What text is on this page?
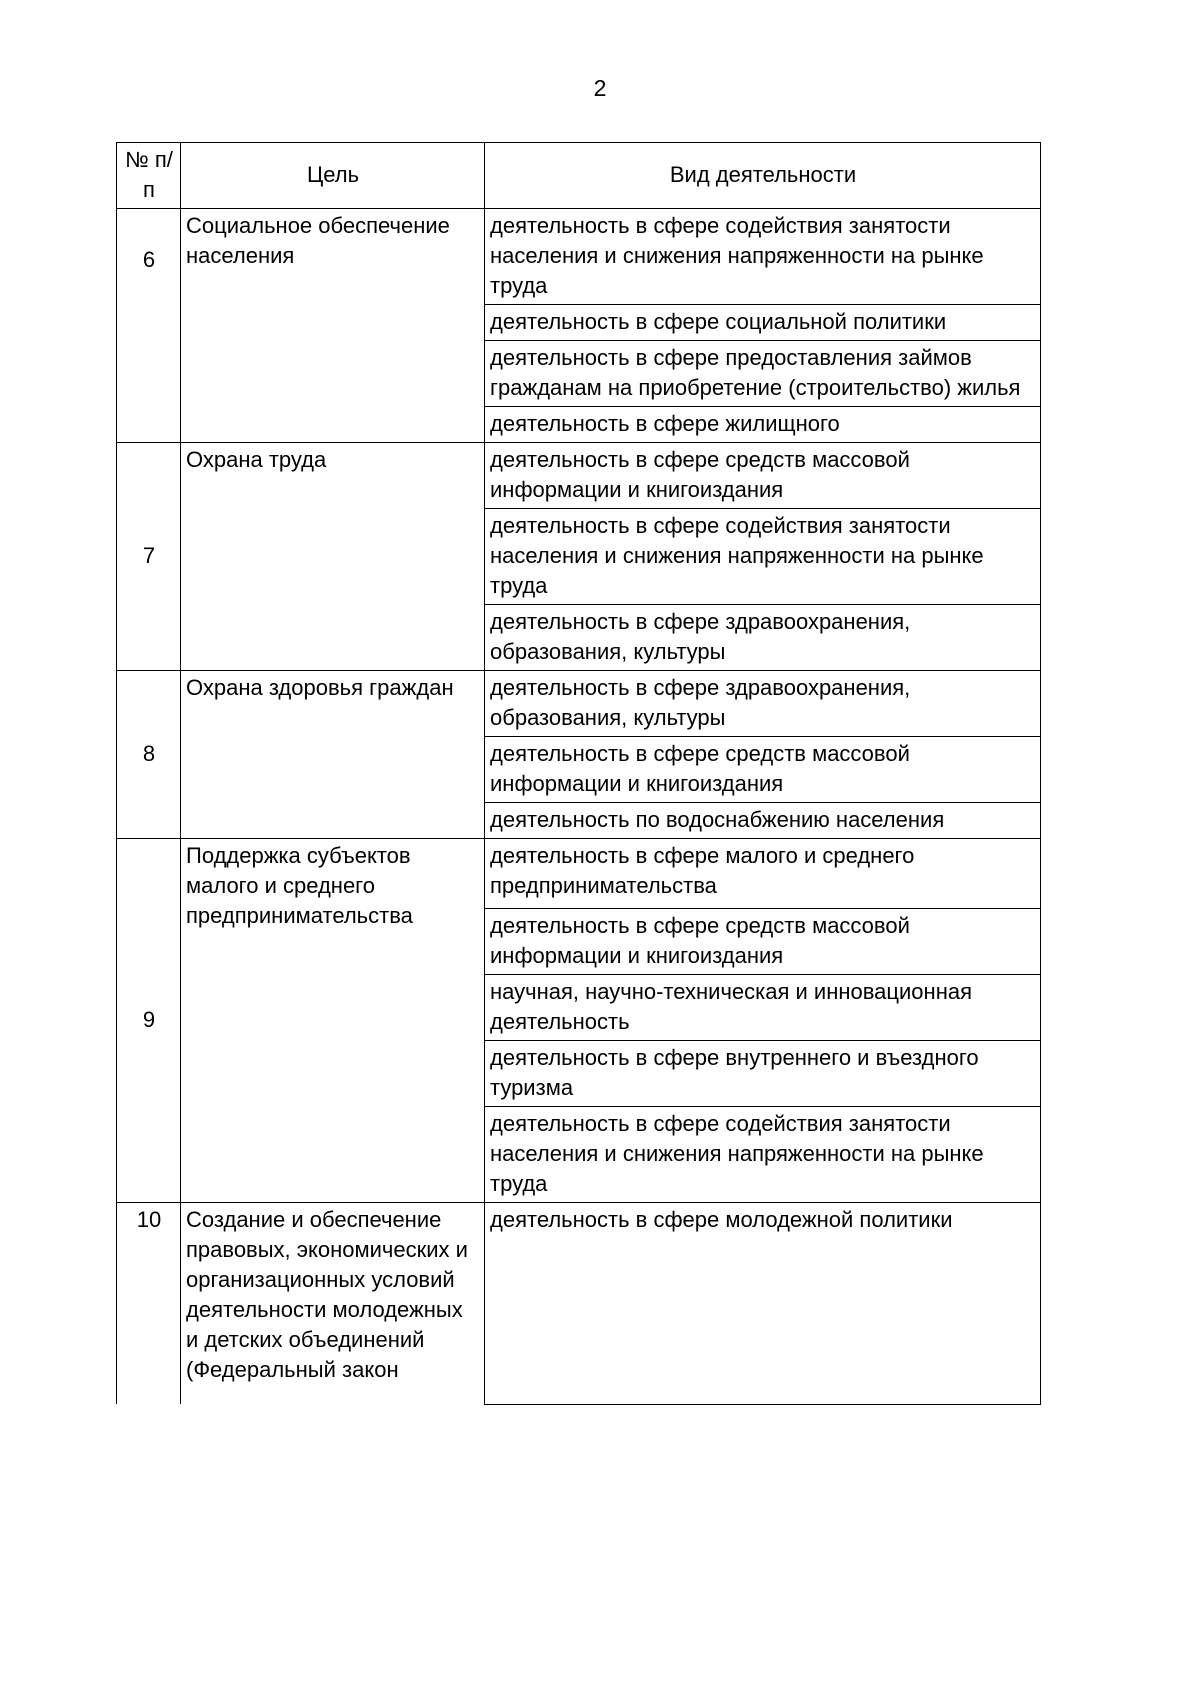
2
№ п/п	Цель	Вид деятельности
6	Социальное обеспечение населения	деятельность в сфере содействия занятости населения и снижения напряженности на рынке труда
		деятельность в сфере социальной политики
		деятельность в сфере предоставления займов гражданам на приобретение (строительство) жилья
		деятельность в сфере жилищного
7	Охрана труда	деятельность в сфере средств массовой информации и книгоиздания
		деятельность в сфере содействия занятости населения и снижения напряженности на рынке труда
		деятельность в сфере здравоохранения, образования, культуры
8	Охрана здоровья граждан	деятельность в сфере здравоохранения, образования, культуры
		деятельность в сфере средств массовой информации и книгоиздания
		деятельность по водоснабжению населения
9	Поддержка субъектов малого и среднего предпринимательства	деятельность в сфере малого и среднего предпринимательства
		деятельность в сфере средств массовой информации и книгоиздания
		научная, научно-техническая и инновационная деятельность
		деятельность в сфере внутреннего и въездного туризма
		деятельность в сфере содействия занятости населения и снижения напряженности на рынке труда
10	Создание и обеспечение правовых, экономических и организационных условий деятельности молодежных и детских объединений (Федеральный закон	деятельность в сфере молодежной политики
